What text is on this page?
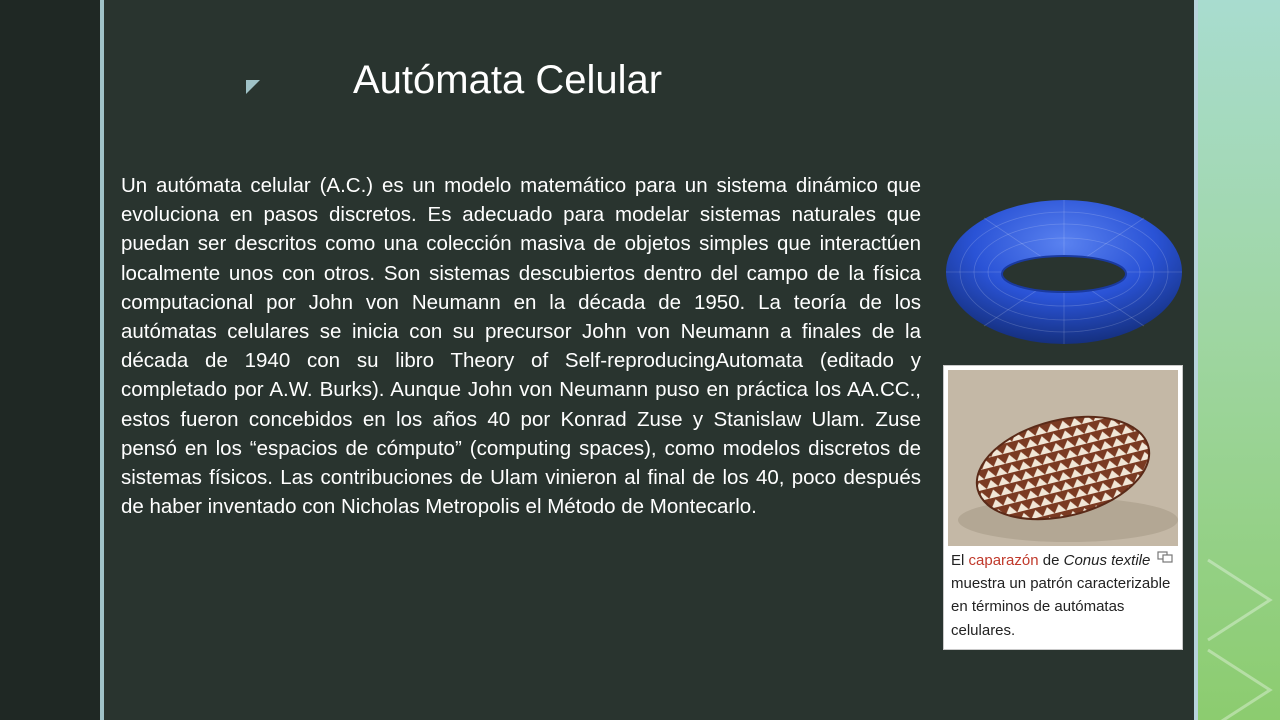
Autómata Celular
Un autómata celular (A.C.) es un modelo matemático para un sistema dinámico que evoluciona en pasos discretos. Es adecuado para modelar sistemas naturales que puedan ser descritos como una colección masiva de objetos simples que interactúen localmente unos con otros. Son sistemas descubiertos dentro del campo de la física computacional por John von Neumann en la década de 1950. La teoría de los autómatas celulares se inicia con su precursor John von Neumann a finales de la década de 1940 con su libro Theory of Self-reproducingAutomata (editado y completado por A.W. Burks). Aunque John von Neumann puso en práctica los AA.CC., estos fueron concebidos en los años 40 por Konrad Zuse y Stanislaw Ulam. Zuse pensó en los “espacios de cómputo” (computing spaces), como modelos discretos de sistemas físicos. Las contribuciones de Ulam vinieron al final de los 40, poco después de haber inventado con Nicholas Metropolis el Método de Montecarlo.
El caparazón de Conus textile muestra un patrón caracterizable en términos de autómatas celulares.
